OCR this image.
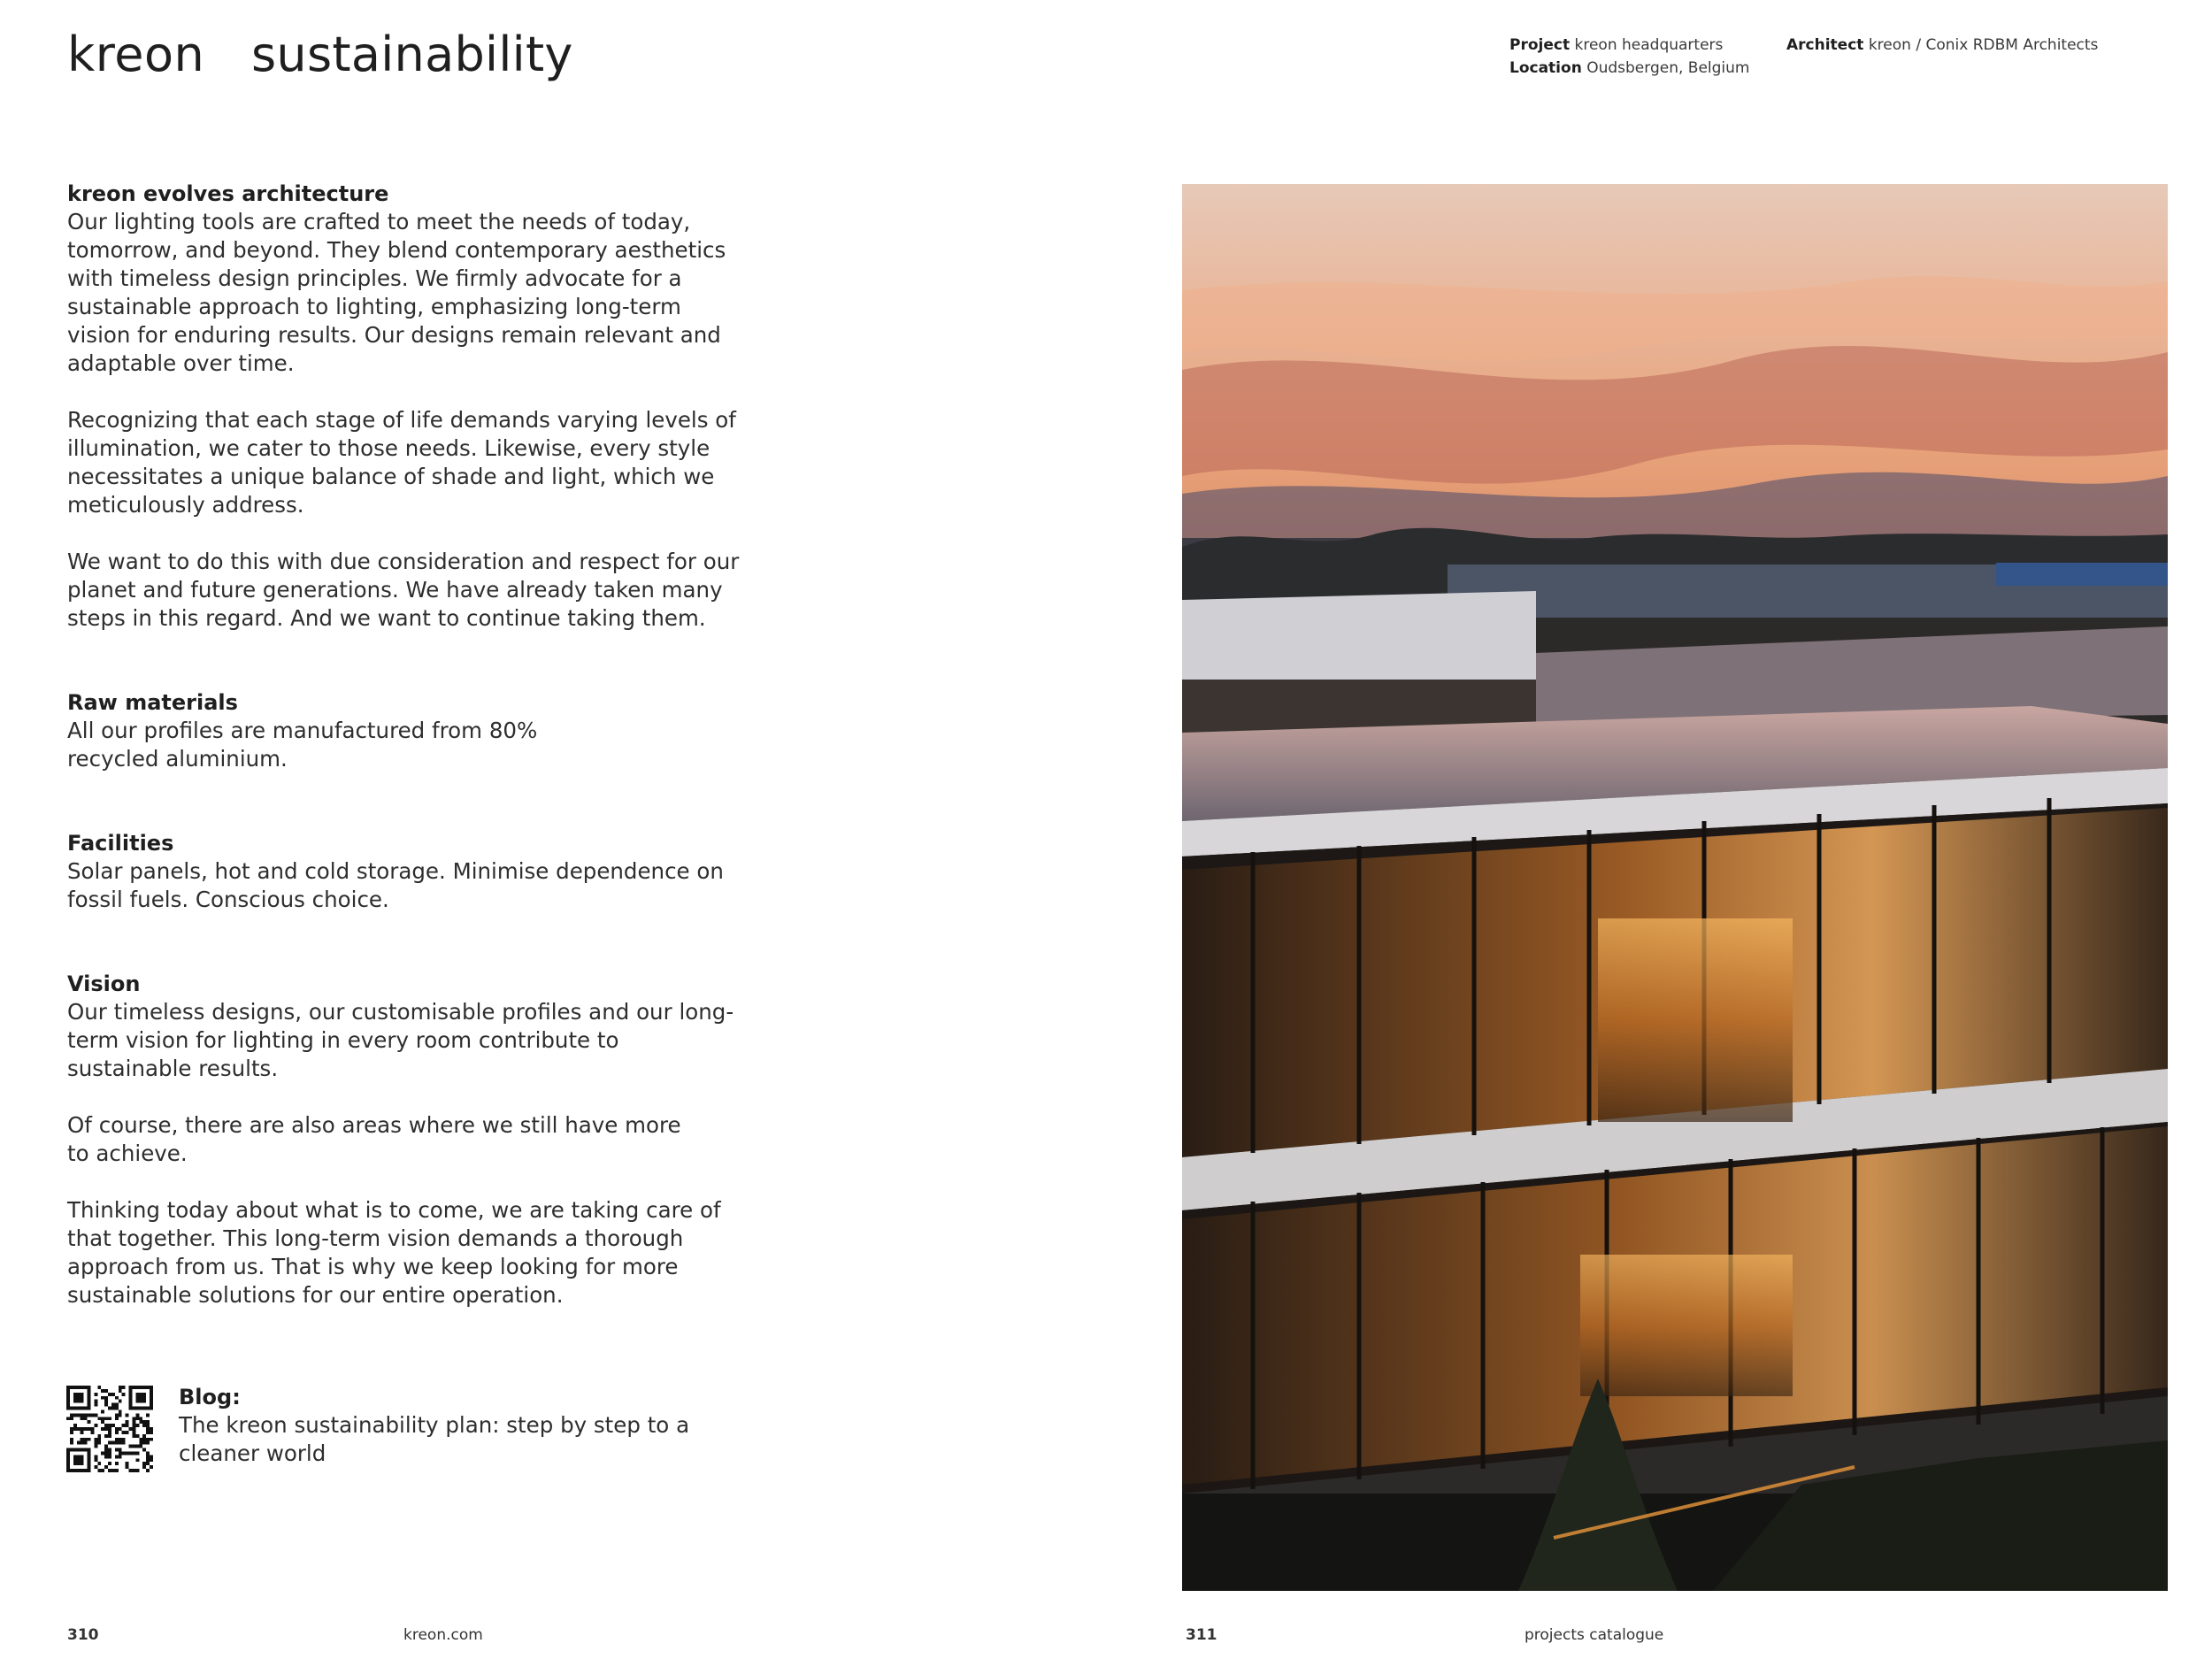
kreon sustainability	Project kreon headquarters
Location Oudsbergen, Belgium
Architect kreon / Conix RDBM Architects

kreon evolves architecture

Our lighting tools are crafted to meet the needs of today, tomorrow, and beyond. They blend contemporary aesthetics with timeless design principles. We firmly advocate for a sustainable approach to lighting, emphasizing long-term vision for enduring results. Our designs remain relevant and adaptable over time.

Recognizing that each stage of life demands varying levels of illumination, we cater to those needs. Likewise, every style necessitates a unique balance of shade and light, which we meticulously address.

We want to do this with due consideration and respect for our planet and future generations. We have already taken many steps in this regard. And we want to continue taking them.

Raw materials

All our profiles are manufactured from 80% recycled aluminium.

Facilities

Solar panels, hot and cold storage. Minimise dependence on fossil fuels. Conscious choice.

Vision

Our timeless designs, our customisable profiles and our long-term vision for lighting in every room contribute to sustainable results.

Of course, there are also areas where we still have more to achieve.

Thinking today about what is to come, we are taking care of that together. This long-term vision demands a thorough approach from us. That is why we keep looking for more sustainable solutions for our entire operation.

Blog:
The kreon sustainability plan: step by step to a cleaner world
310	kreon.com	311	projects catalogue
